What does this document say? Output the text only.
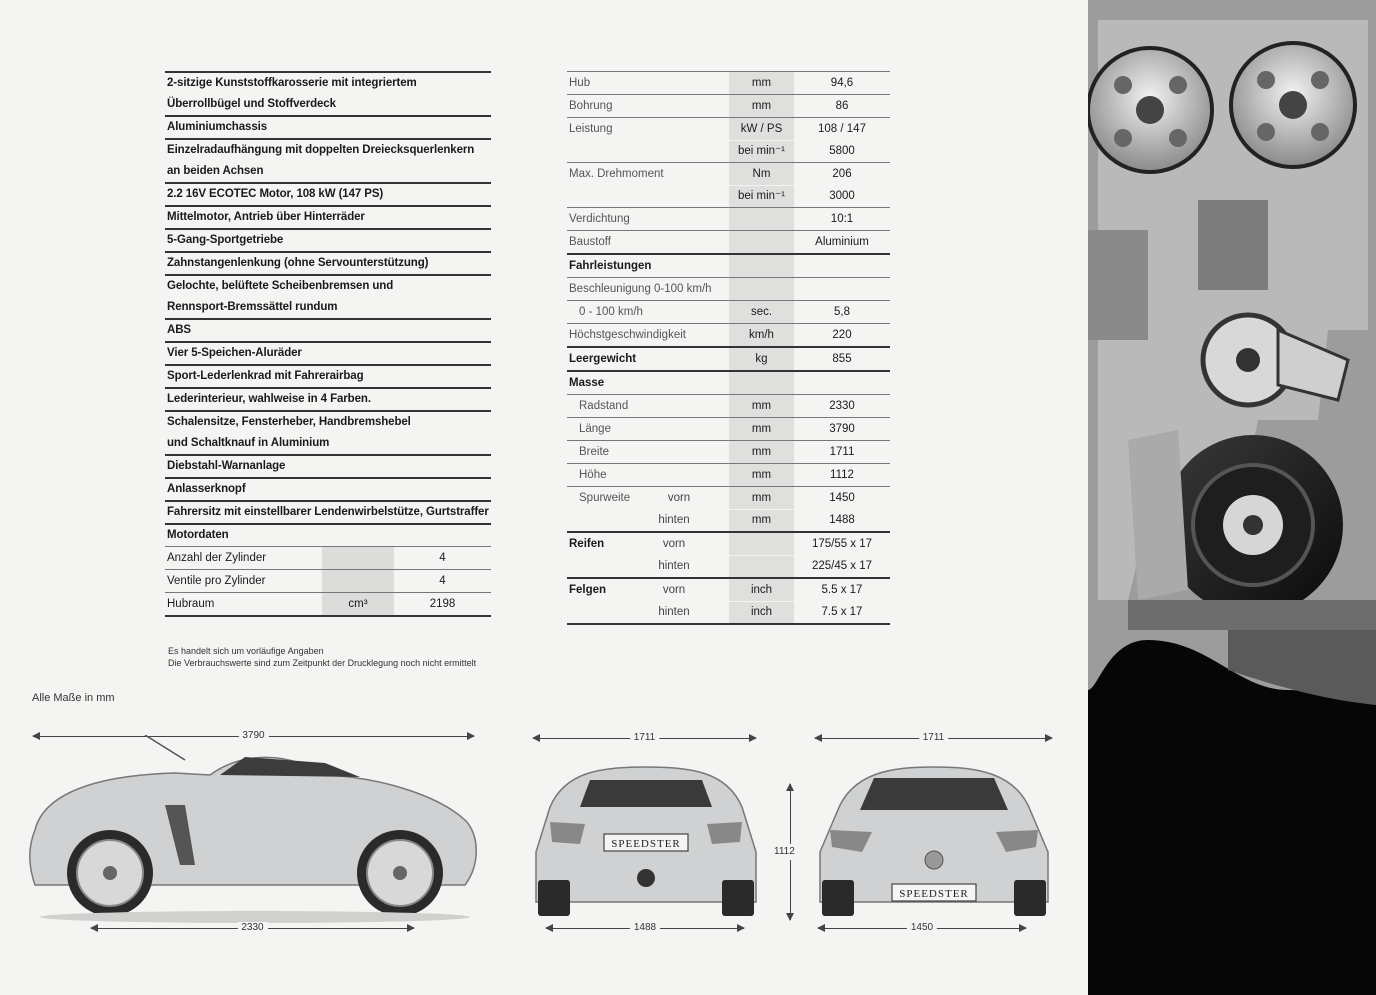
2-sitzige Kunststoffkarosserie mit integriertem
Überrollbügel und Stoffverdeck
Aluminiumchassis
Einzelradaufhängung mit doppelten Dreiecksquerlenkern
an beiden Achsen
2.2 16V ECOTEC Motor, 108 kW (147 PS)
Mittelmotor, Antrieb über Hinterräder
5-Gang-Sportgetriebe
Zahnstangenlenkung (ohne Servounterstützung)
Gelochte, belüftete Scheibenbremsen und
Rennsport-Bremssättel rundum
ABS
Vier 5-Speichen-Aluräder
Sport-Lederlenkrad mit Fahrerairbag
Lederinterieur, wahlweise in 4 Farben.
Schalensitze, Fensterheber, Handbremshebel
und Schaltknauf in Aluminium
Diebstahl-Warnanlage
Anlasserknopf
Fahrersitz mit einstellbarer Lendenwirbelstütze, Gurtstraffer
Motordaten
Anzahl der Zylinder	4
Ventile pro Zylinder	4
Hubraum	cm³	2198
Hub	mm	94,6
Bohrung	mm	86
Leistung	kW / PS	108 / 147
bei min⁻¹	5800
Max. Drehmoment	Nm	206
bei min⁻¹	3000
Verdichtung	10:1
Baustoff	Aluminium
Fahrleistungen
Beschleunigung 0-100 km/h
0 - 100 km/h	sec.	5,8
Höchstgeschwindigkeit	km/h	220
Leergewicht	kg	855
Masse
Radstand	mm	2330
Länge	mm	3790
Breite	mm	1711
Höhe	mm	1112
Spurweite	vorn	mm	1450
hinten	mm	1488
Reifen	vorn	175/55 x 17
hinten	225/45 x 17
Felgen	vorn	inch	5.5 x 17
hinten	inch	7.5 x 17
Es handelt sich um vorläufige Angaben
Die Verbrauchswerte sind zum Zeitpunkt der Drucklegung noch nicht ermittelt
Alle Maße in mm
3790
2330
1711
SPEEDSTER
1112
1488
1711
SPEEDSTER
1450
